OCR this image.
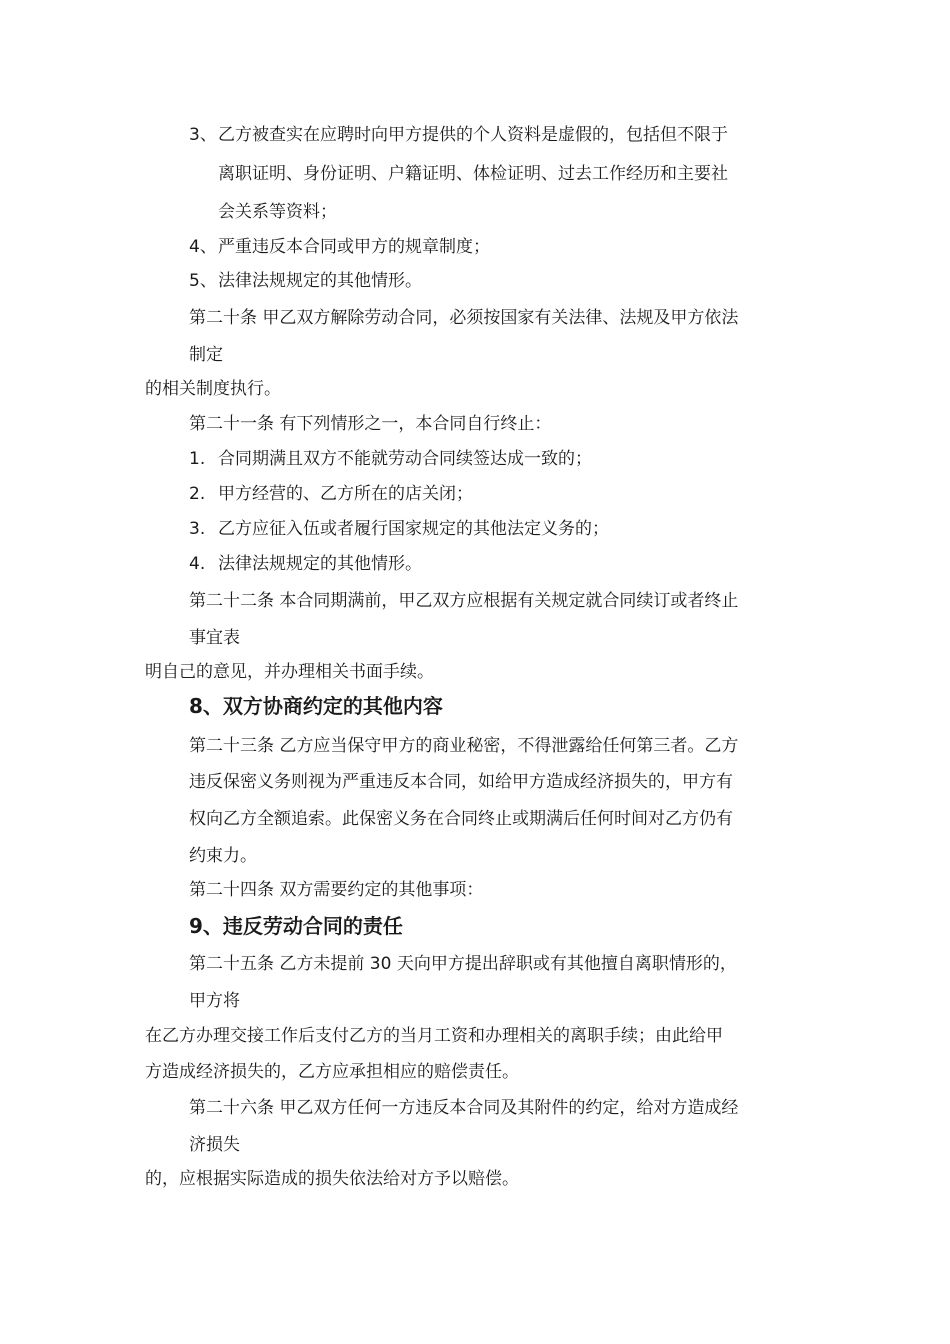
3、 乙方被查实在应聘时向甲方提供的个人资料是虚假的，包括但不限于
离职证明、身份证明、户籍证明、体检证明、过去工作经历和主要社
会关系等资料；
4、 严重违反本合同或甲方的规章制度；
5、 法律法规规定的其他情形。
第二十条 甲乙双方解除劳动合同，必须按国家有关法律、法规及甲方依法
制定
的相关制度执行。
第二十一条 有下列情形之一，本合同自行终止：
1. 合同期满且双方不能就劳动合同续签达成一致的；
2. 甲方经营的、乙方所在的店关闭；
3. 乙方应征入伍或者履行国家规定的其他法定义务的；
4. 法律法规规定的其他情形。
第二十二条 本合同期满前，甲乙双方应根据有关规定就合同续订或者终止
事宜表
明自己的意见，并办理相关书面手续。
8、双方协商约定的其他内容
第二十三条 乙方应当保守甲方的商业秘密，不得泄露给任何第三者。乙方
违反保密义务则视为严重违反本合同，如给甲方造成经济损失的，甲方有
权向乙方全额追索。此保密义务在合同终止或期满后任何时间对乙方仍有
约束力。
第二十四条 双方需要约定的其他事项：
9、违反劳动合同的责任
第二十五条 乙方未提前 30 天向甲方提出辞职或有其他擅自离职情形的，
甲方将
在乙方办理交接工作后支付乙方的当月工资和办理相关的离职手续；由此给甲
方造成经济损失的，乙方应承担相应的赔偿责任。
第二十六条 甲乙双方任何一方违反本合同及其附件的约定，给对方造成经
济损失
的，应根据实际造成的损失依法给对方予以赔偿。
